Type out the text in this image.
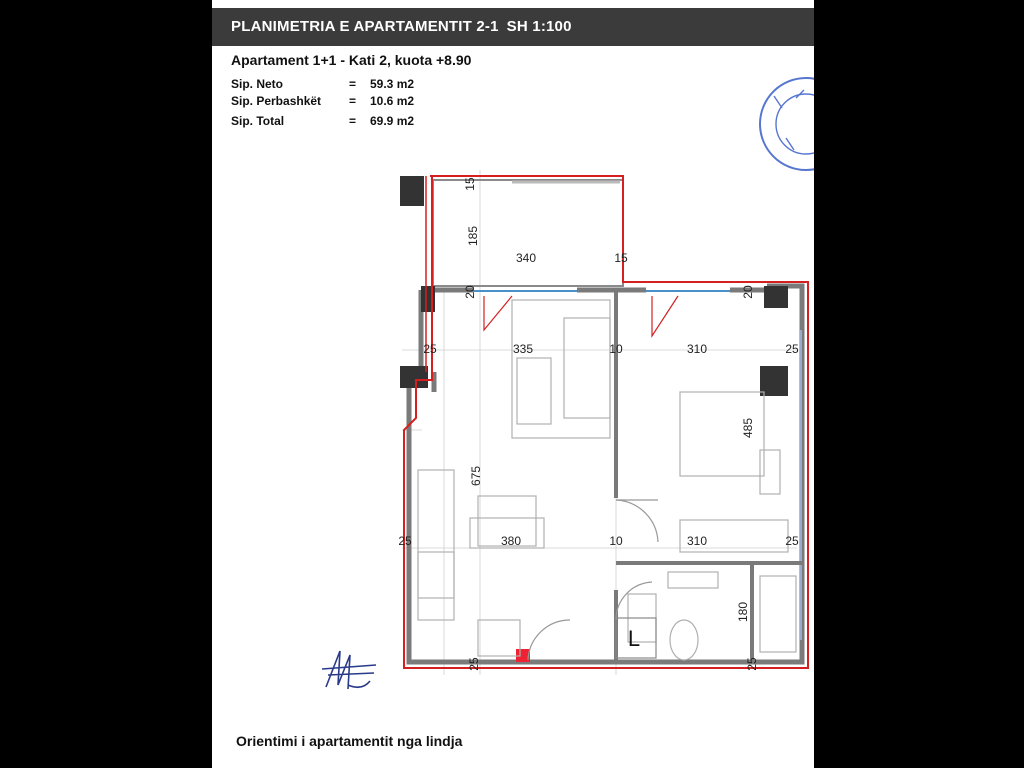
PLANIMETRIA E APARTAMENTIT 2-1 SH 1:100
Apartament 1+1 - Kati 2, kuota +8.90
Sip. Neto	= 59.3 m2
Sip. Perbashkët = 10.6 m2
Sip. Total	= 69.9 m2
185
340
15
15
20	20
25	335	10	310	25
485
675
25	380	10	310	25
180
25	25
L
Orientimi i apartamentit nga lindja
